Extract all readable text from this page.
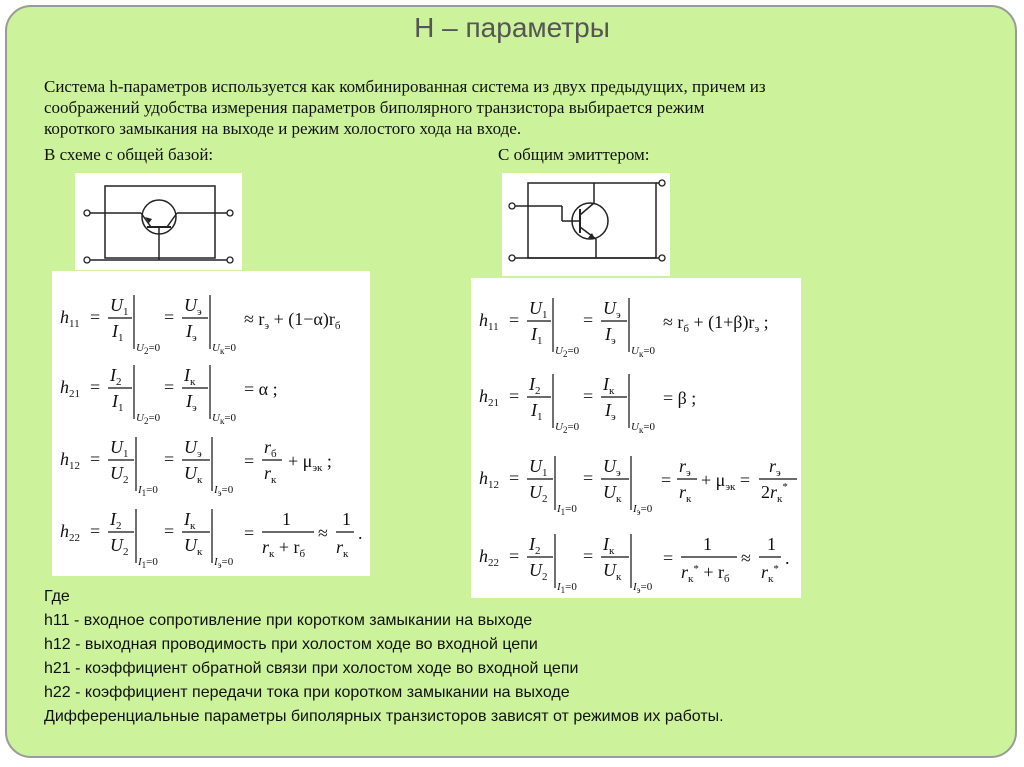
H – параметры
Система h-параметров используется как комбинированная система из двух предыдущих, причем из
соображений удобства измерения параметров биполярного транзистора выбирается режим
короткого замыкания на выходе и режим холостого хода на входе.
В схеме с общей базой:	С общим эмиттером:
$h_{11}$ =
$U_1$
$I_1$
$U_2=0$
=
$U_э$
$I_э$
$U_к=0$
≈ $r_э + (1-\alpha)r_б$
$h_{21}$ =
$I_2$
$I_1$
$U_2=0$
=
$I_к$
$I_э$
$U_к=0$
= α ;
$h_{12}$ =
$U_1$
$U_2$
$I_1=0$
=
$U_э$
$U_к$
$I_э=0$
=
$r_б$
$r_к$
+ $\mu_{эк}$ ;
$h_{22}$ =
$I_2$
$U_2$
$I_1=0$
=
$I_к$
$U_к$
$I_э=0$
=
1
$r_к + r_б$
≈
1
$r_к$
.
$h_{11}$ =
$U_1$
$I_1$
$U_2=0$
=
$U_э$
$I_э$
$U_к=0$
≈ $r_б + (1+\beta)r_э$ ;
$h_{21}$ =
$I_2$
$I_1$
$U_2=0$
=
$I_к$
$I_э$
$U_к=0$
= β ;
$h_{12}$ =
$U_1$
$U_2$
$I_1=0$
=
$U_э$
$U_к$
$I_э=0$
=
$r_э$
$r_к$
+ $\mu_{эк}$ =
$r_э$
$2r_к^*$
$h_{22}$ =
$I_2$
$U_2$
$I_1=0$
=
$I_к$
$U_к$
$I_э=0$
=
1
$r_к^* + r_б$
≈
1
$r_к^*$
.
Где
h11 - входное сопротивление при коротком замыкании на выходе
h12 - выходная проводимость при холостом ходе во входной цепи
h21 - коэффициент обратной связи при холостом ходе во входной цепи
h22 - коэффициент передачи тока при коротком замыкании на выходе
Дифференциальные параметры биполярных транзисторов зависят от режимов их работы.
